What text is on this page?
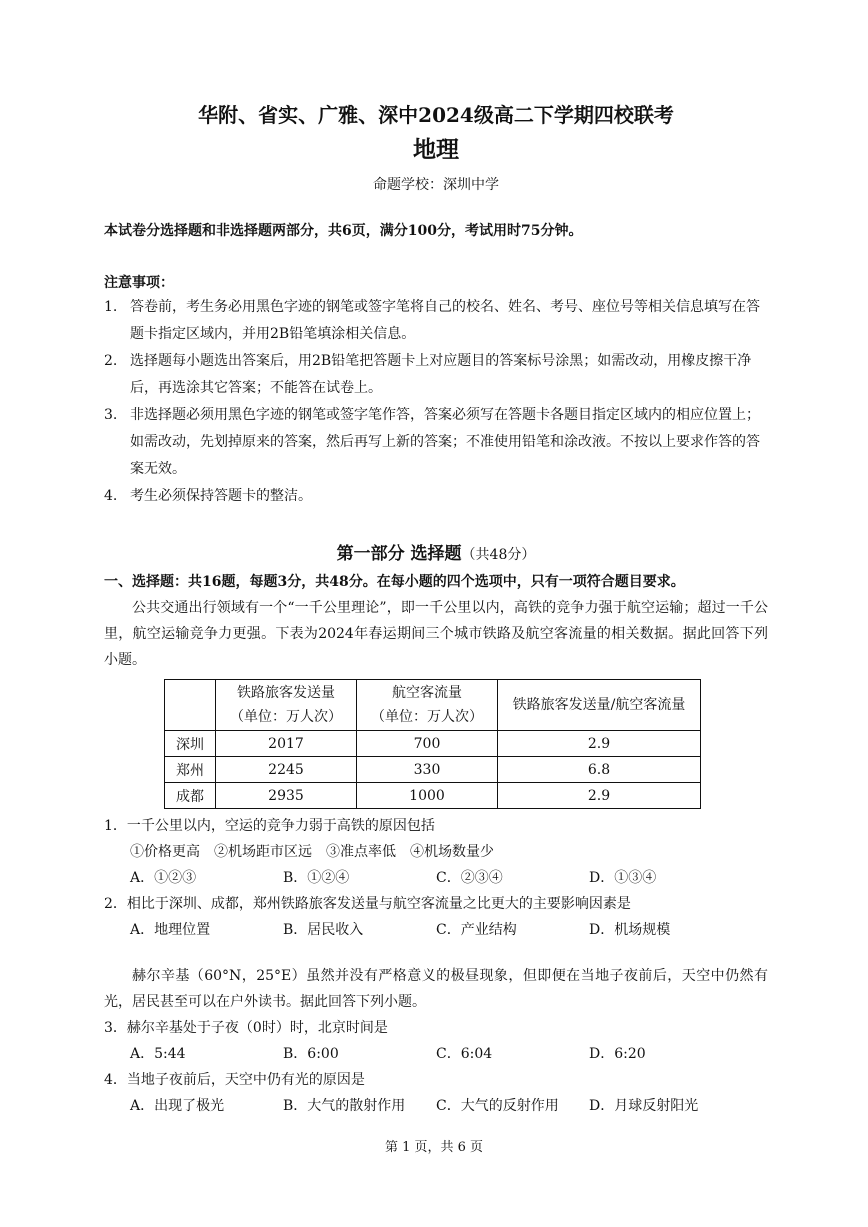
华附、省实、广雅、深中2024级高二下学期四校联考
地理
命题学校：深圳中学
本试卷分选择题和非选择题两部分，共6页，满分100分，考试用时75分钟。
注意事项：
1. 答卷前，考生务必用黑色字迹的钢笔或签字笔将自己的校名、姓名、考号、座位号等相关信息填写在答题卡指定区域内，并用2B铅笔填涂相关信息。
2. 选择题每小题选出答案后，用2B铅笔把答题卡上对应题目的答案标号涂黑；如需改动，用橡皮擦干净后，再选涂其它答案；不能答在试卷上。
3. 非选择题必须用黑色字迹的钢笔或签字笔作答，答案必须写在答题卡各题目指定区域内的相应位置上；如需改动，先划掉原来的答案，然后再写上新的答案；不准使用铅笔和涂改液。不按以上要求作答的答案无效。
4. 考生必须保持答题卡的整洁。
第一部分 选择题（共48分）
一、选择题：共16题，每题3分，共48分。在每小题的四个选项中，只有一项符合题目要求。
公共交通出行领域有一个“一千公里理论”，即一千公里以内，高铁的竞争力强于航空运输；超过一千公里，航空运输竞争力更强。下表为2024年春运期间三个城市铁路及航空客流量的相关数据。据此回答下列小题。
	铁路旅客发送量
（单位：万人次）	航空客流量
（单位：万人次）	铁路旅客发送量/航空客流量
深圳	2017	700	2.9
郑州	2245	330	6.8
成都	2935	1000	2.9
1．一千公里以内，空运的竞争力弱于高铁的原因包括
①价格更高　②机场距市区远　③准点率低　④机场数量少
A．①②③	B．①②④	C．②③④	D．①③④
2．相比于深圳、成都，郑州铁路旅客发送量与航空客流量之比更大的主要影响因素是
A．地理位置	B．居民收入	C．产业结构	D．机场规模
赫尔辛基（60°N，25°E）虽然并没有严格意义的极昼现象，但即便在当地子夜前后，天空中仍然有光，居民甚至可以在户外读书。据此回答下列小题。
3．赫尔辛基处于子夜（0时）时，北京时间是
A．5:44	B．6:00	C．6:04	D．6:20
4．当地子夜前后，天空中仍有光的原因是
A．出现了极光	B．大气的散射作用	C．大气的反射作用	D．月球反射阳光
第 1 页，共 6 页
